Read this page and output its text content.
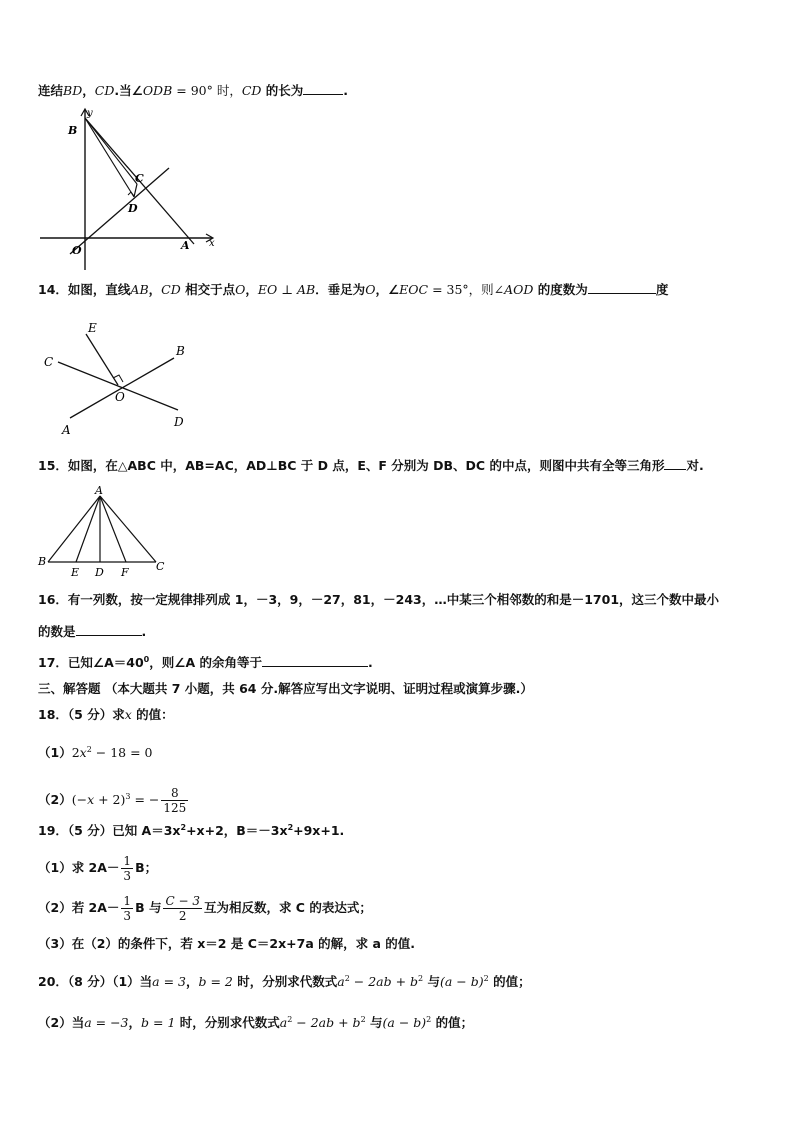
连结BD，CD.当∠ODB = 90° 时，CD 的长为	.
y
B
C
D
O	A x
14．如图，直线AB，CD 相交于点O，EO ⊥ AB．垂足为O，∠EOC = 35°，则∠AOD 的度数为	度
E
B
C
O
A
D
15．如图，在△ABC 中，AB=AC，AD⊥BC 于 D 点，E、F 分别为 DB、DC 的中点，则图中共有全等三角形 对.
A
B
E D F C
16．有一列数，按一定规律排列成 1，－3，9，－27，81，－243，…中某三个相邻数的和是－1701，这三个数中最小
的数是	.
17．已知$\angle A=40^0$，则∠A 的余角等于	.
三、解答题 （本大题共 7 小题，共 64 分.解答应写出文字说明、证明过程或演算步骤.）
18．（5 分）求x 的值：
$(1)2x^2 - 18 = 0$
$(2)(-x + 2)^3$ = − $\frac{8}{125}$
19．（5 分）已知 $A=3x^2+x+2$，$B=-3x^2+9x+1$.
（1）求 $2A- \frac{1}{3}$ B；
（2）若 $2A- \frac{1}{3}$ B 与 $\frac{C - 3}{2}$ 互为相反数，求 C 的表达式；
（3）在（2）的条件下，若 x＝2 是 C＝2x+7a 的解，求 a 的值.
20．（8 分）（1）当a = 3，b = 2 时，分别求代数式$a^2 - 2ab + b^2$ 与$(a - b)^2$ 的值；
（2）当a = −3，b = 1 时，分别求代数式$a^2 - 2ab + b^2$ 与$(a - b)^2$ 的值；
